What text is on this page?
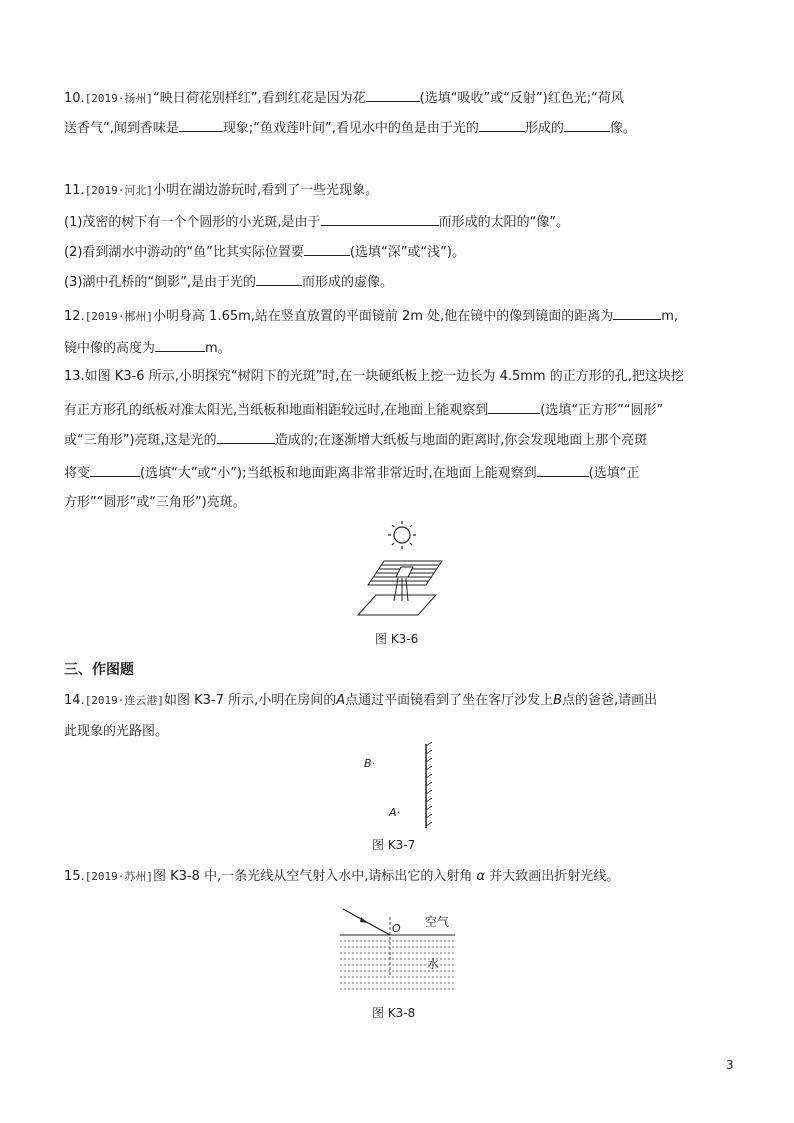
10.[2019·扬州]“映日荷花别样红”,看到红花是因为花	(选填“吸收”或“反射”)红色光;“荷风
送香气”,闻到香味是	现象;“鱼戏莲叶间”,看见水中的鱼是由于光的	形成的	像。
11.[2019·河北]小明在湖边游玩时,看到了一些光现象。
(1)茂密的树下有一个个圆形的小光斑,是由于	而形成的太阳的“像”。
(2)看到湖水中游动的“鱼”比其实际位置要	(选填“深”或“浅”)。
(3)湖中孔桥的“倒影”,是由于光的	而形成的虚像。
12.[2019·郴州]小明身高 1.65m,站在竖直放置的平面镜前 2m 处,他在镜中的像到镜面的距离为	m,
镜中像的高度为	m。
13.如图 K3-6 所示,小明探究“树阴下的光斑”时,在一块硬纸板上挖一边长为 4.5mm 的正方形的孔,把这块挖
有正方形孔的纸板对准太阳光,当纸板和地面相距较远时,在地面上能观察到	(选填“正方形”“圆形”
或“三角形”)亮斑,这是光的	造成的;在逐渐增大纸板与地面的距离时,你会发现地面上那个亮斑
将变	(选填“大”或“小”);当纸板和地面距离非常非常近时,在地面上能观察到	(选填“正
方形”“圆形”或“三角形”)亮斑。
图 K3-6
三、作图题
14.[2019·连云港]如图 K3-7 所示,小明在房间的A点通过平面镜看到了坐在客厅沙发上B点的爸爸,请画出
此现象的光路图。
B·
A·
图 K3-7
15.[2019·苏州]图 K3-8 中,一条光线从空气射入水中,请标出它的入射角 α 并大致画出折射光线。
O 空气
水
图 K3-8
3
